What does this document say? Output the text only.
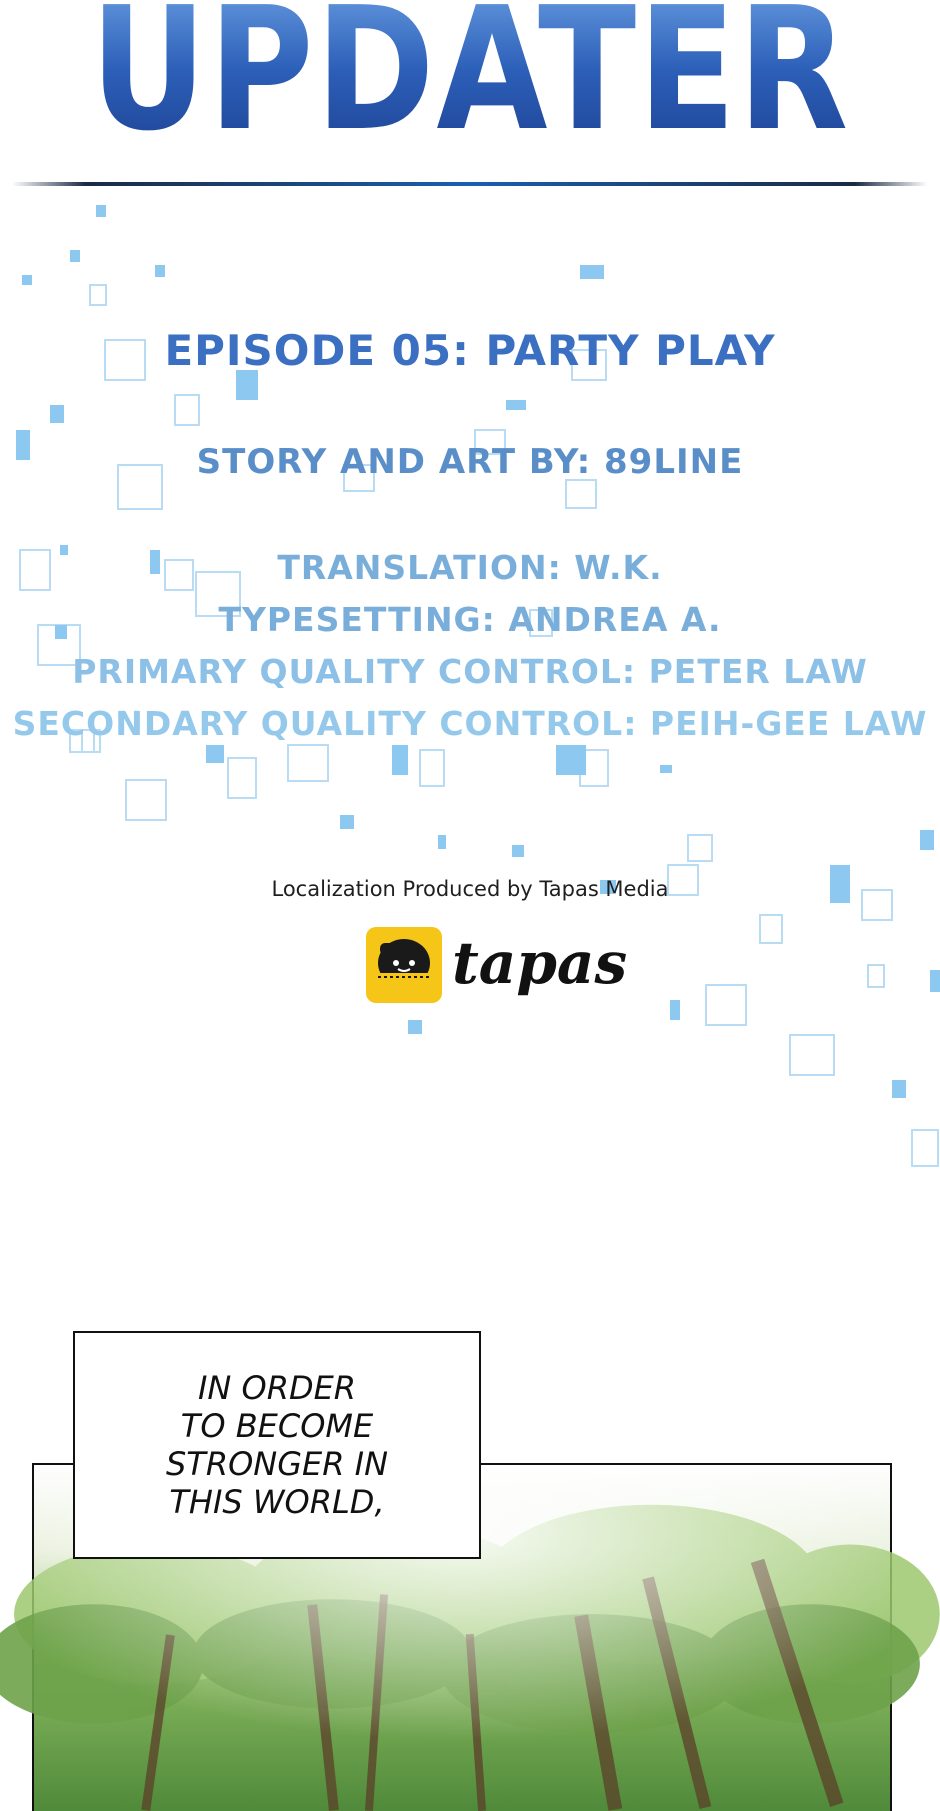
UPDATER
EPISODE 05: PARTY PLAY
STORY AND ART BY: 89LINE
TRANSLATION: W.K.
TYPESETTING: ANDREA A.
PRIMARY QUALITY CONTROL: PETER LAW
SECONDARY QUALITY CONTROL: PEIH-GEE LAW
Localization Produced by Tapas Media
tapas
IN ORDER
TO BECOME
STRONGER IN
THIS WORLD,
